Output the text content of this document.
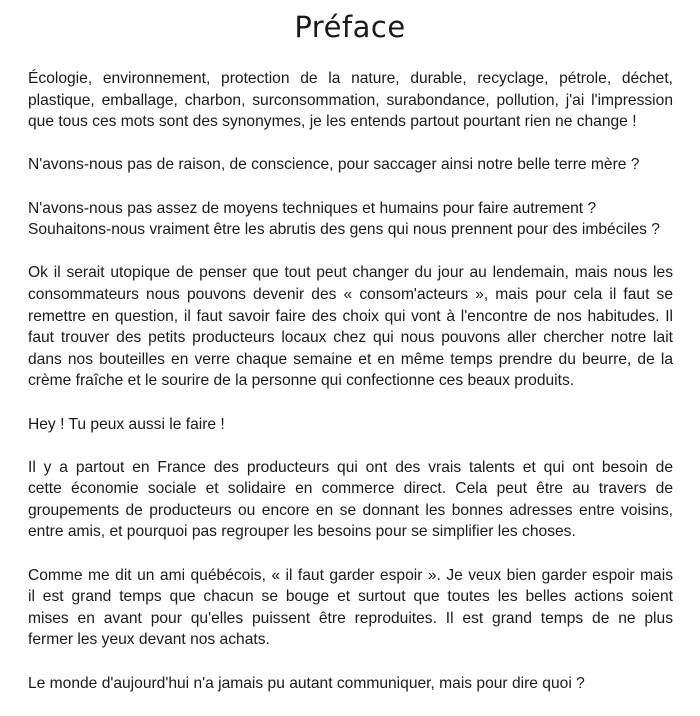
Préface

Écologie, environnement, protection de la nature, durable, recyclage, pétrole, déchet,
plastique, emballage, charbon, surconsommation, surabondance, pollution, j'ai l'impression
que tous ces mots sont des synonymes, je les entends partout pourtant rien ne change !

N'avons-nous pas de raison, de conscience, pour saccager ainsi notre belle terre mère ?

N'avons-nous pas assez de moyens techniques et humains pour faire autrement ?
Souhaitons-nous vraiment être les abrutis des gens qui nous prennent pour des imbéciles ?

Ok il serait utopique de penser que tout peut changer du jour au lendemain, mais nous les
consommateurs nous pouvons devenir des « consom'acteurs », mais pour cela il faut se
remettre en question, il faut savoir faire des choix qui vont à l'encontre de nos habitudes. Il
faut trouver des petits producteurs locaux chez qui nous pouvons aller chercher notre lait
dans nos bouteilles en verre chaque semaine et en même temps prendre du beurre, de la
crème fraîche et le sourire de la personne qui confectionne ces beaux produits.

Hey ! Tu peux aussi le faire !

Il y a partout en France des producteurs qui ont des vrais talents et qui ont besoin de
cette économie sociale et solidaire en commerce direct. Cela peut être au travers de
groupements de producteurs ou encore en se donnant les bonnes adresses entre voisins,
entre amis, et pourquoi pas regrouper les besoins pour se simplifier les choses.

Comme me dit un ami québécois, « il faut garder espoir ». Je veux bien garder espoir mais
il est grand temps que chacun se bouge et surtout que toutes les belles actions soient
mises en avant pour qu'elles puissent être reproduites. Il est grand temps de ne plus
fermer les yeux devant nos achats.

Le monde d'aujourd'hui n'a jamais pu autant communiquer, mais pour dire quoi ?
